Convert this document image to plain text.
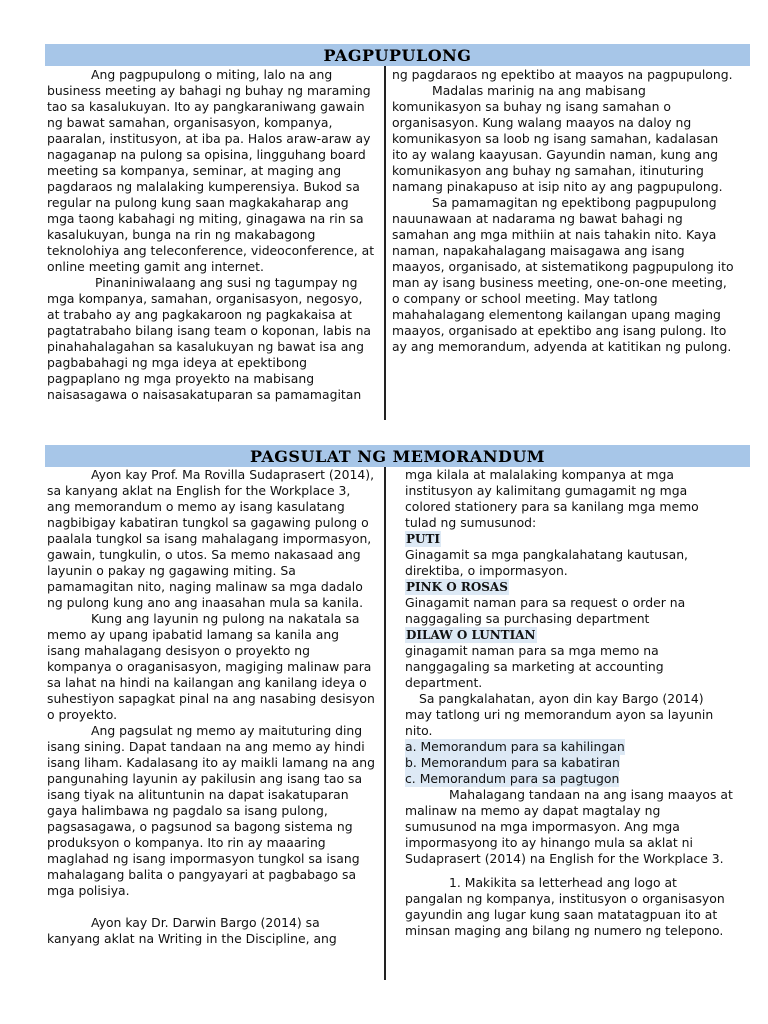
PAGPUPULONG

Ang pagpupulong o miting, lalo na ang business meeting ay bahagi ng buhay ng maraming tao sa kasalukuyan. Ito ay pangkaraniwang gawain ng bawat samahan, organisasyon, kompanya, paaralan, institusyon, at iba pa. Halos araw-araw ay nagaganap na pulong sa opisina, lingguhang board meeting sa kompanya, seminar, at maging ang pagdaraos ng malalaking kumperensiya. Bukod sa regular na pulong kung saan magkakaharap ang mga taong kabahagi ng miting, ginagawa na rin sa kasalukuyan, bunga na rin ng makabagong teknolohiya ang teleconference, videoconference, at online meeting gamit ang internet.

Pinaniniwalaang ang susi ng tagumpay ng mga kompanya, samahan, organisasyon, negosyo, at trabaho ay ang pagkakaroon ng pagkakaisa at pagtatrabaho bilang isang team o koponan, labis na pinahahalagahan sa kasalukuyan ng bawat isa ang pagbabahagi ng mga ideya at epektibong pagpaplano ng mga proyekto na mabisang naisasagawa o naisasakatuparan sa pamamagitan

ng pagdaraos ng epektibo at maayos na pagpupulong.

Madalas marinig na ang mabisang komunikasyon sa buhay ng isang samahan o organisasyon. Kung walang maayos na daloy ng komunikasyon sa loob ng isang samahan, kadalasan ito ay walang kaayusan. Gayundin naman, kung ang komunikasyon ang buhay ng samahan, itinuturing namang pinakapuso at isip nito ay ang pagpupulong.

Sa pamamagitan ng epektibong pagpupulong nauunawaan at nadarama ng bawat bahagi ng samahan ang mga mithiin at nais tahakin nito. Kaya naman, napakahalagang maisagawa ang isang maayos, organisado, at sistematikong pagpupulong ito man ay isang business meeting, one-on-one meeting, o company or school meeting. May tatlong mahahalagang elementong kailangan upang maging maayos, organisado at epektibo ang isang pulong. Ito ay ang memorandum, adyenda at katitikan ng pulong.

PAGSULAT NG MEMORANDUM

Ayon kay Prof. Ma Rovilla Sudaprasert (2014), sa kanyang aklat na English for the Workplace 3, ang memorandum o memo ay isang kasulatang nagbibigay kabatiran tungkol sa gagawing pulong o paalala tungkol sa isang mahalagang impormasyon, gawain, tungkulin, o utos. Sa memo nakasaad ang layunin o pakay ng gagawing miting. Sa pamamagitan nito, naging malinaw sa mga dadalo ng pulong kung ano ang inaasahan mula sa kanila.

Kung ang layunin ng pulong na nakatala sa memo ay upang ipabatid lamang sa kanila ang isang mahalagang desisyon o proyekto ng kompanya o oraganisasyon, magiging malinaw para sa lahat na hindi na kailangan ang kanilang ideya o suhestiyon sapagkat pinal na ang nasabing desisyon o proyekto.

Ang pagsulat ng memo ay maituturing ding isang sining. Dapat tandaan na ang memo ay hindi isang liham. Kadalasang ito ay maikli lamang na ang pangunahing layunin ay pakilusin ang isang tao sa isang tiyak na alituntunin na dapat isakatuparan gaya halimbawa ng pagdalo sa isang pulong, pagsasagawa, o pagsunod sa bagong sistema ng produksyon o kompanya. Ito rin ay maaaring maglahad ng isang impormasyon tungkol sa isang mahalagang balita o pangyayari at pagbabago sa mga polisiya.

Ayon kay Dr. Darwin Bargo (2014) sa kanyang aklat na Writing in the Discipline, ang

mga kilala at malalaking kompanya at mga institusyon ay kalimitang gumagamit ng mga colored stationery para sa kanilang mga memo tulad ng sumusunod:

PUTI

Ginagamit sa mga pangkalahatang kautusan, direktiba, o impormasyon.

PINK O ROSAS

Ginagamit naman para sa request o order na naggagaling sa purchasing department

DILAW O LUNTIAN

ginagamit naman para sa mga memo na nanggagaling sa marketing at accounting department.

Sa pangkalahatan, ayon din kay Bargo (2014) may tatlong uri ng memorandum ayon sa layunin nito.

a. Memorandum para sa kahilingan

b. Memorandum para sa kabatiran

c. Memorandum para sa pagtugon

Mahalagang tandaan na ang isang maayos at malinaw na memo ay dapat magtalay ng sumusunod na mga impormasyon. Ang mga impormasyong ito ay hinango mula sa aklat ni Sudaprasert (2014) na English for the Workplace 3.

1. Makikita sa letterhead ang logo at pangalan ng kompanya, institusyon o organisasyon gayundin ang lugar kung saan matatagpuan ito at minsan maging ang bilang ng numero ng telepono.
